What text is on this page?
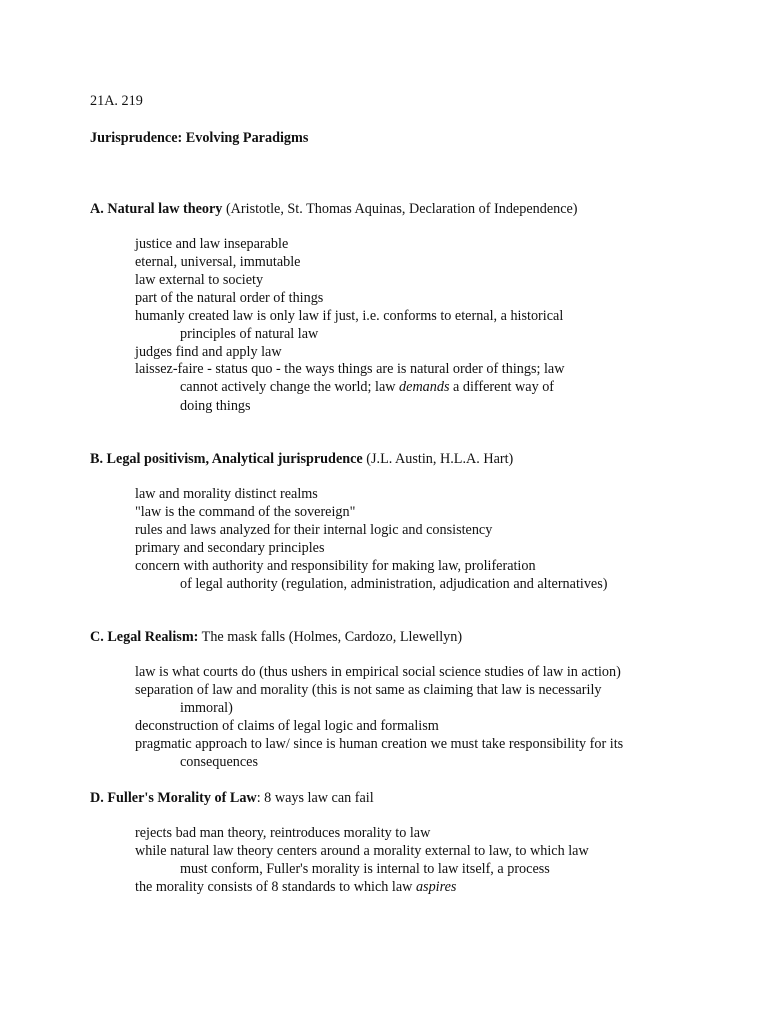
21A. 219
Jurisprudence: Evolving Paradigms
A. Natural law theory (Aristotle, St. Thomas Aquinas, Declaration of Independence)
justice and law inseparable
eternal, universal, immutable
law external to society
part of the natural order of things
humanly created law is only law if just, i.e. conforms to eternal, a historical
principles of natural law
judges find and apply law
laissez-faire - status quo - the ways things are is natural order of things; law
cannot actively change the world; law demands a different way of
doing things
B. Legal positivism, Analytical jurisprudence (J.L. Austin, H.L.A. Hart)
law and morality distinct realms
"law is the command of the sovereign"
rules and laws analyzed for their internal logic and consistency
primary and secondary principles
concern with authority and responsibility for making law, proliferation
of legal authority (regulation, administration, adjudication and alternatives)
C. Legal Realism: The mask falls (Holmes, Cardozo, Llewellyn)
law is what courts do (thus ushers in empirical social science studies of law in action)
separation of law and morality (this is not same as claiming that law is necessarily
immoral)
deconstruction of claims of legal logic and formalism
pragmatic approach to law/ since is human creation we must take responsibility for its
consequences
D. Fuller's Morality of Law: 8 ways law can fail
rejects bad man theory, reintroduces morality to law
while natural law theory centers around a morality external to law, to which law
must conform, Fuller's morality is internal to law itself, a process
the morality consists of 8 standards to which law aspires
